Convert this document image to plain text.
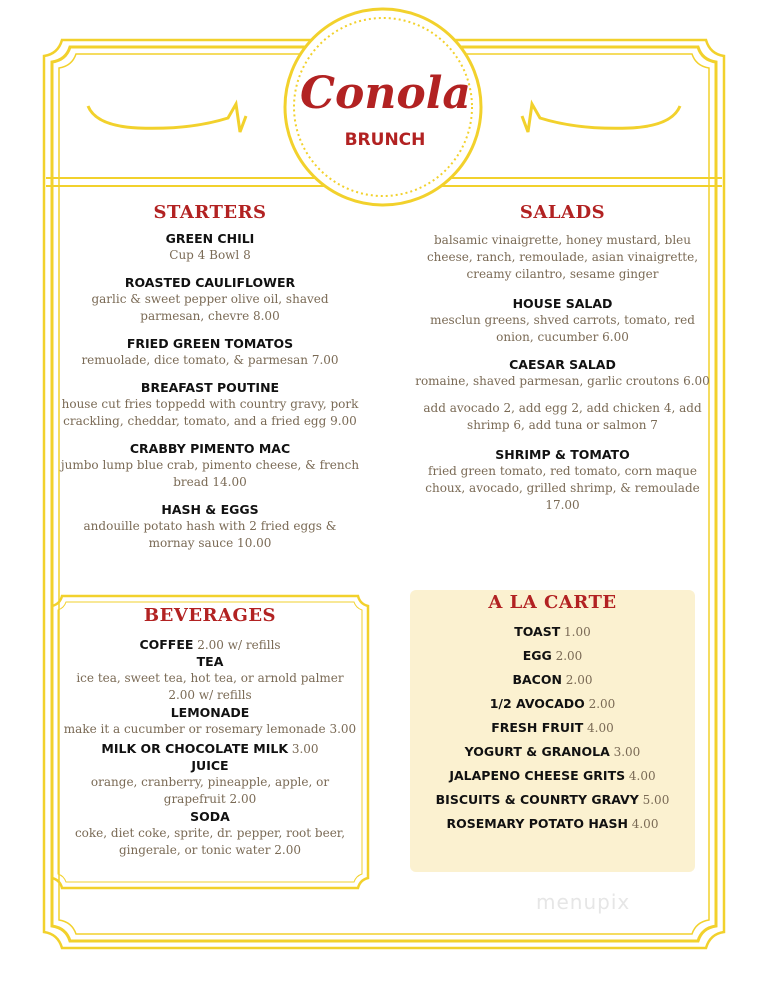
Conola
BRUNCH
STARTERS
GREEN CHILI
Cup 4 Bowl 8
ROASTED CAULIFLOWER
garlic & sweet pepper olive oil, shaved parmesan, chevre 8.00
FRIED GREEN TOMATOS
remuolade, dice tomato, & parmesan 7.00
BREAFAST POUTINE
house cut fries toppedd with country gravy, pork crackling, cheddar, tomato, and a fried egg 9.00
CRABBY PIMENTO MAC
jumbo lump blue crab, pimento cheese, & french bread 14.00
HASH & EGGS
andouille potato hash with 2 fried eggs & mornay sauce 10.00
SALADS
balsamic vinaigrette, honey mustard, bleu cheese, ranch, remoulade, asian vinaigrette, creamy cilantro, sesame ginger
HOUSE SALAD
mesclun greens, shved carrots, tomato, red onion, cucumber 6.00
CAESAR SALAD
romaine, shaved parmesan, garlic croutons 6.00
add avocado 2, add egg 2, add chicken 4, add shrimp 6, add tuna or salmon 7
SHRIMP & TOMATO
fried green tomato, red tomato, corn maque choux, avocado, grilled shrimp, & remoulade 17.00
BEVERAGES
COFFEE 2.00 w/ refills
TEA
ice tea, sweet tea, hot tea, or arnold palmer 2.00 w/ refills
LEMONADE
make it a cucumber or rosemary lemonade 3.00
MILK OR CHOCOLATE MILK 3.00
JUICE
orange, cranberry, pineapple, apple, or grapefruit 2.00
SODA
coke, diet coke, sprite, dr. pepper, root beer, gingerale, or tonic water 2.00
A LA CARTE
TOAST 1.00
EGG 2.00
BACON 2.00
1/2 AVOCADO 2.00
FRESH FRUIT 4.00
YOGURT & GRANOLA 3.00
JALAPENO CHEESE GRITS 4.00
BISCUITS & COUNRTY GRAVY 5.00
ROSEMARY POTATO HASH 4.00
menupix
